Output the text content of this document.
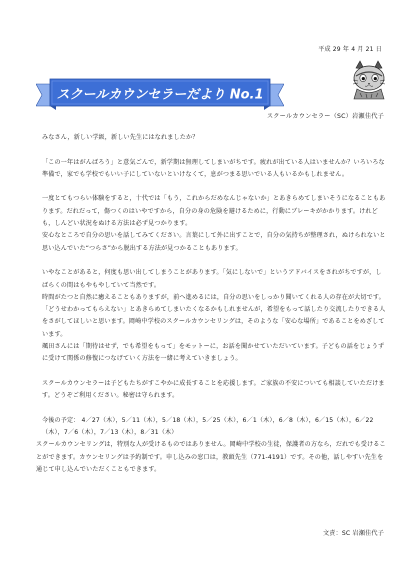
平成 29 年 4 月 21 日
スクールカウンセラーだより No.1
スクールカウンセラー（SC）岩瀬佳代子

みなさん，新しい学級，新しい先生にはなれましたか？

「この一年はがんばろう」と意気ごんで，新学期は無理してしまいがちです。疲れが出ている人はいませんか？いろいろな準備で，家でも学校でもいい子にしていないといけなくて，息がつまる思いでいる人もいるかもしれません。

一度とてもつらい体験をすると，十代では「もう，これからだめなんじゃないか」とあきらめてしまいそうになることもあります。だれだって，傷つくのはいやですから，自分の身の危険を避けるために，行動にブレーキがかかります。けれども，しんどい状況をぬける方法は必ず見つかります。

安心なところで自分の思いを話してみてください。言葉にして外に出すことで，自分の気持ちが整理され，ぬけられないと思い込んでいた“つらさ”から脱出する方法が見つかることもあります。

いやなことがあると，何度も思い出してしまうことがあります。「気にしないで」というアドバイスをされがちですが，しばらくの間はもやもやしていて当然です。

時間がたつと自然に癒えることもありますが，前へ進めるには，自分の思いをしっかり聞いてくれる人の存在が大切です。「どうせわかってもらえない」とあきらめてしまいたくなるかもしれませんが，希望をもって話したり交流したりできる人をさがしてほしいと思います。岡崎中学校のスクールカウンセリングは，そのような「安心な場所」であることをめざしています。

颯田さんには「期待はせず，でも希望をもって」をモットーに，お話を聞かせていただいています。子どもの話をじょうずに受けて関係の修復につなげていく方法を一緒に考えていきましょう。

スクールカウンセラーは子どもたちがすこやかに成長することを応援します。ご家族の不安についても相談していただけます。どうぞご利用ください。秘密は守られます。

今後の予定： 4／27（木），5／11（木），5／18（木），5／25（木），6／1（木），6／8（木），6／15（木），6／22（木），7／6（木），7／13（木），8／31（木）

スクールカウンセリングは，特別な人が受けるものではありません。岡崎中学校の生徒，保護者の方なら，だれでも受けることができます。カウンセリングは予約制です。申し込みの窓口は，教頭先生（771-4191）です。その他，話しやすい先生を通じて申し込んでいただくこともできます。

文責：SC 岩瀬佳代子
